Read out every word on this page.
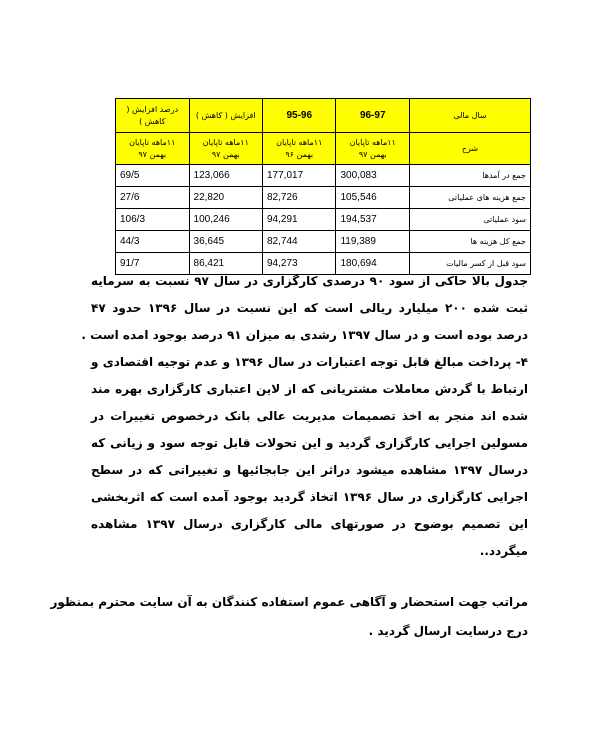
سال مالی	96-97	95-96	افزایش ( کاهش )	درصد افزایش ( کاهش )
شرح	۱۱ماهه تاپایان بهمن ۹۷	۱۱ماهه تاپایان بهمن ۹۶	۱۱ماهه تاپایان بهمن ۹۷	۱۱ماهه تاپایان بهمن ۹۷
جمع در آمدها	300,083	177,017	123,066	69/5
جمع هزینه های عملیاتی	105,546	82,726	22,820	27/6
سود عملیاتی	194,537	94,291	100,246	106/3
جمع کل هزینه ها	119,389	82,744	36,645	44/3
سود قبل از کسر مالیات	180,694	94,273	86,421	91/7
جدول بالا حاکی از سود ۹۰ درصدی کارگزاری در سال ۹۷ نسبت به سرمایه
ثبت شده ۲۰۰ میلیارد ریالی است که این نسبت در سال ۱۳۹۶ حدود ۴۷
درصد بوده است و در سال ۱۳۹۷ رشدی به میزان ۹۱ درصد بوجود امده است .
۴- پرداخت مبالغ قابل توجه اعتبارات در سال ۱۳۹۶ و عدم توجیه اقتصادی و
ارتباط با گردش معاملات مشتریانی که از لاین اعتباری کارگزاری بهره مند
شده اند منجر به اخذ تصمیمات مدیریت عالی بانک درخصوص تغییرات در
مسولین اجرایی کارگزاری گردید و این تحولات قابل توجه سود و زیانی که
درسال ۱۳۹۷ مشاهده میشود دراثر این جابجائیها و تغییراتی که در سطح
اجرایی کارگزاری در سال ۱۳۹۶ اتخاذ گردید بوجود آمده است که اثربخشی
این تصمیم بوضوح در صورتهای مالی کارگزاری درسال ۱۳۹۷ مشاهده
میگردد..
مراتب جهت استحضار و آگاهی عموم استفاده کنندگان به آن سایت محترم بمنظور
درج درسایت ارسال گردید .
